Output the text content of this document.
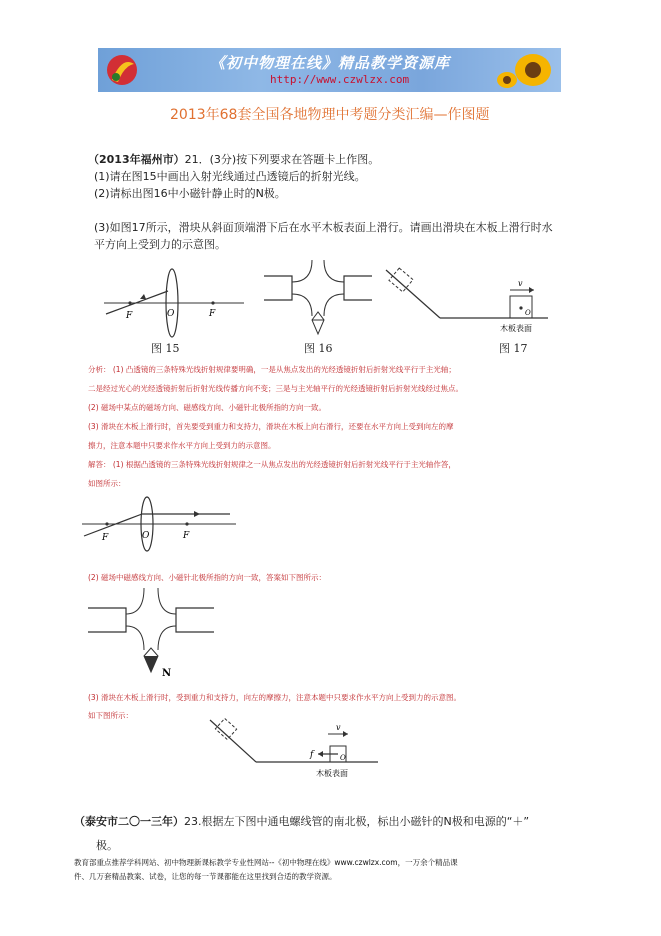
《初中物理在线》精品教学资源库
http://www.czwlzx.com
2013年68套全国各地物理中考题分类汇编—作图题
（2013年福州市）21．(3分)按下列要求在答题卡上作图。
(1)请在图15中画出入射光线通过凸透镜后的折射光线。
(2)请标出图16中小磁针静止时的N极。
(3)如图17所示，滑块从斜面顶端滑下后在水平木板表面上滑行。请画出滑块在木板上滑行时水
平方向上受到力的示意图。
F	O	F
图 15	图 16
v
O
木板表面
图 17
分析： (1) 凸透镜的三条特殊光线折射规律要明确，一是从焦点发出的光经透镜折射后折射光线平行于主光轴；
二是经过光心的光经透镜折射后折射光线传播方向不变；三是与主光轴平行的光经透镜折射后折射光线经过焦点。
(2) 磁场中某点的磁场方向、磁感线方向、小磁针北极所指的方向一致。
(3) 滑块在木板上滑行时，首先要受到重力和支持力，滑块在木板上向右滑行，还要在水平方向上受到向左的摩
擦力，注意本题中只要求作水平方向上受到力的示意图。
解答： (1) 根据凸透镜的三条特殊光线折射规律之一从焦点发出的光经透镜折射后折射光线平行于主光轴作答，
如图所示：
F	O	F
(2) 磁场中磁感线方向、小磁针北极所指的方向一致，答案如下图所示：
N
(3) 滑块在木板上滑行时，受到重力和支持力，向左的摩擦力，注意本题中只要求作水平方向上受到力的示意图。
如下图所示：
v
f	O
木板表面
（泰安市二〇一三年）23.根据左下图中通电螺线管的南北极，标出小磁针的N极和电源的“＋”
极。
教育部重点推荐学科网站、初中物理新课标教学专业性网站--《初中物理在线》www.czwlzx.com，一万余个精品课
件、几万套精品教案、试卷，让您的每一节课都能在这里找到合适的教学资源。
